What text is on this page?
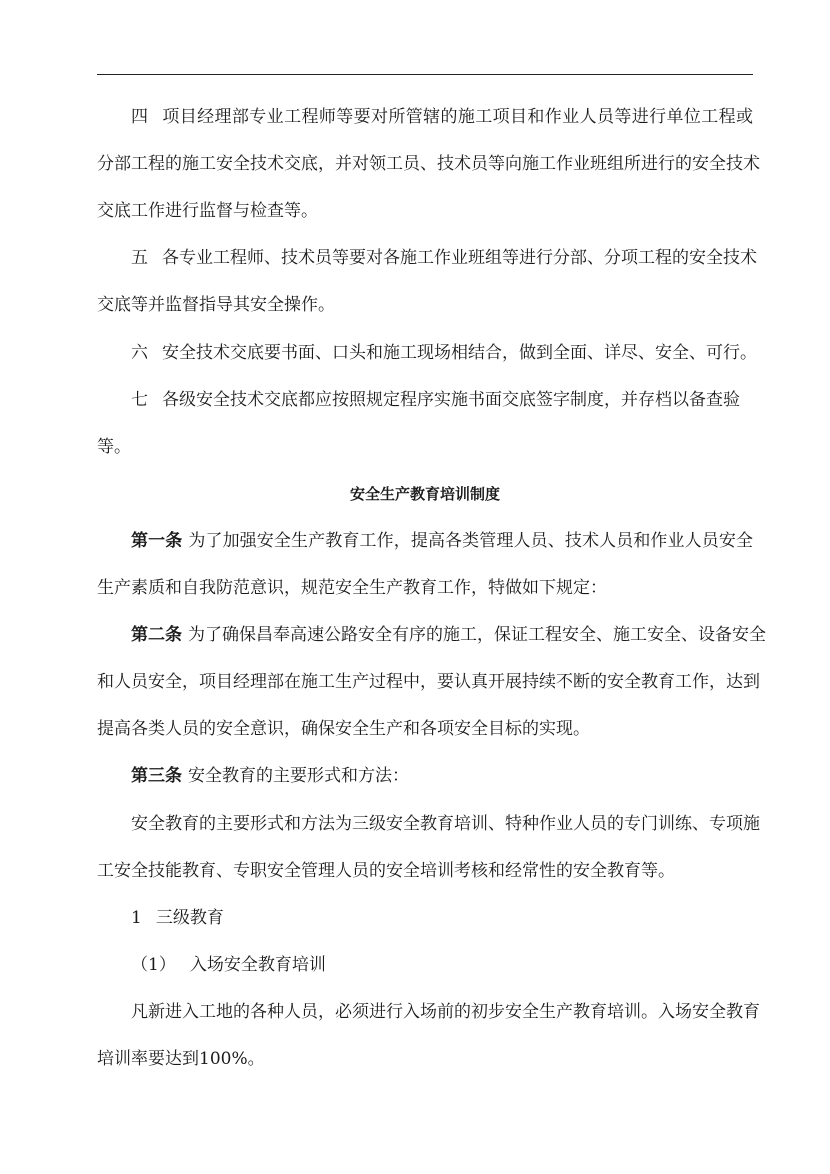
四 项目经理部专业工程师等要对所管辖的施工项目和作业人员等进行单位工程或
分部工程的施工安全技术交底，并对领工员、技术员等向施工作业班组所进行的安全技术
交底工作进行监督与检查等。
五 各专业工程师、技术员等要对各施工作业班组等进行分部、分项工程的安全技术
交底等并监督指导其安全操作。
六 安全技术交底要书面、口头和施工现场相结合，做到全面、详尽、安全、可行。
七 各级安全技术交底都应按照规定程序实施书面交底签字制度，并存档以备查验
等。
安全生产教育培训制度
第一条 为了加强安全生产教育工作，提高各类管理人员、技术人员和作业人员安全
生产素质和自我防范意识，规范安全生产教育工作，特做如下规定：
第二条 为了确保昌奉高速公路安全有序的施工，保证工程安全、施工安全、设备安全
和人员安全，项目经理部在施工生产过程中，要认真开展持续不断的安全教育工作，达到
提高各类人员的安全意识，确保安全生产和各项安全目标的实现。
第三条 安全教育的主要形式和方法：
安全教育的主要形式和方法为三级安全教育培训、特种作业人员的专门训练、专项施
工安全技能教育、专职安全管理人员的安全培训考核和经常性的安全教育等。
1 三级教育
（1） 入场安全教育培训
凡新进入工地的各种人员，必须进行入场前的初步安全生产教育培训。入场安全教育
培训率要达到100%。
